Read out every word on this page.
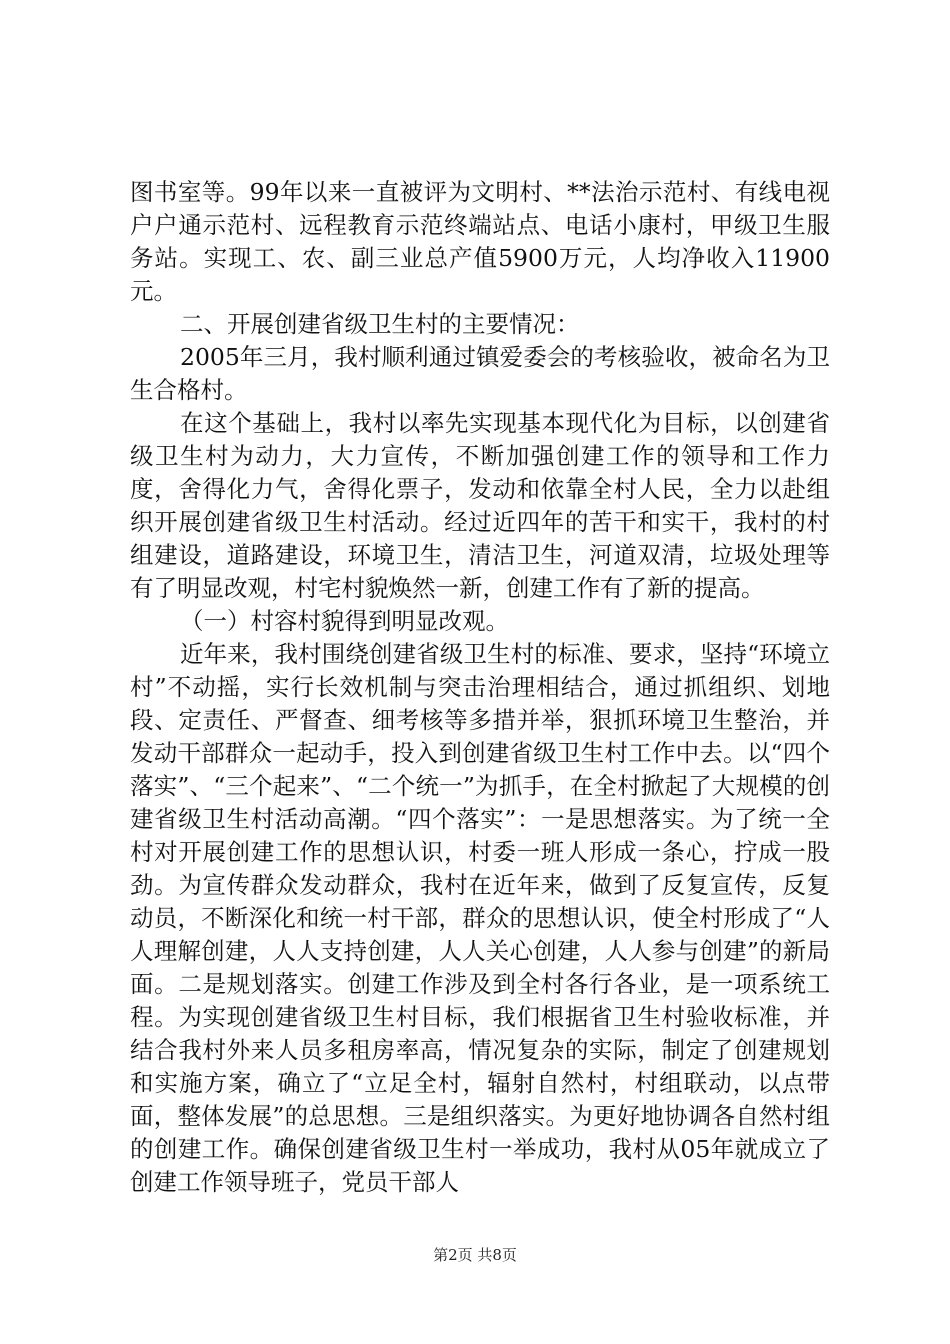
图书室等。99年以来一直被评为文明村、**法治示范村、有线电视户户通示范村、远程教育示范终端站点、电话小康村，甲级卫生服务站。实现工、农、副三业总产值5900万元，人均净收入11900元。

二、开展创建省级卫生村的主要情况：

2005年三月，我村顺利通过镇爱委会的考核验收，被命名为卫生合格村。

在这个基础上，我村以率先实现基本现代化为目标，以创建省级卫生村为动力，大力宣传，不断加强创建工作的领导和工作力度，舍得化力气，舍得化票子，发动和依靠全村人民，全力以赴组织开展创建省级卫生村活动。经过近四年的苦干和实干，我村的村组建设，道路建设，环境卫生，清洁卫生，河道双清，垃圾处理等有了明显改观，村宅村貌焕然一新，创建工作有了新的提高。

（一）村容村貌得到明显改观。

近年来，我村围绕创建省级卫生村的标准、要求，坚持“环境立村”不动摇，实行长效机制与突击治理相结合，通过抓组织、划地段、定责任、严督查、细考核等多措并举，狠抓环境卫生整治，并发动干部群众一起动手，投入到创建省级卫生村工作中去。以“四个落实”、“三个起来”、“二个统一”为抓手，在全村掀起了大规模的创建省级卫生村活动高潮。“四个落实”：一是思想落实。为了统一全村对开展创建工作的思想认识，村委一班人形成一条心，拧成一股劲。为宣传群众发动群众，我村在近年来，做到了反复宣传，反复动员，不断深化和统一村干部，群众的思想认识，使全村形成了“人人理解创建，人人支持创建，人人关心创建，人人参与创建”的新局面。二是规划落实。创建工作涉及到全村各行各业，是一项系统工程。为实现创建省级卫生村目标，我们根据省卫生村验收标准，并结合我村外来人员多租房率高，情况复杂的实际，制定了创建规划和实施方案，确立了“立足全村，辐射自然村，村组联动，以点带面，整体发展”的总思想。三是组织落实。为更好地协调各自然村组的创建工作。确保创建省级卫生村一举成功，我村从05年就成立了创建工作领导班子，党员干部人

第2页 共8页
